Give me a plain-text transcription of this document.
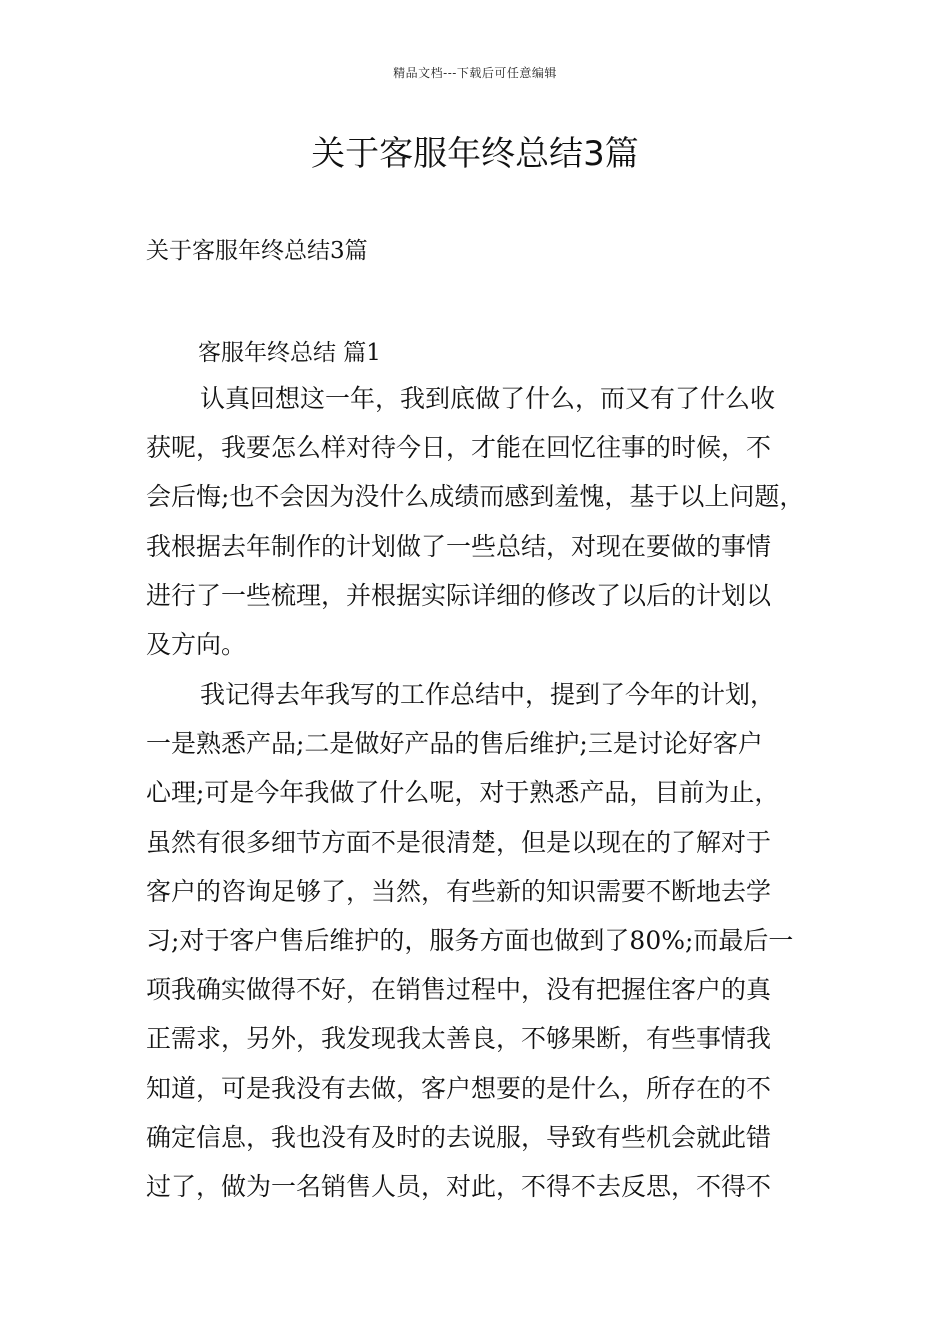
精品文档---下载后可任意编辑
关于客服年终总结3篇

关于客服年终总结3篇

客服年终总结 篇1

认真回想这一年，我到底做了什么，而又有了什么收
获呢，我要怎么样对待今日，才能在回忆往事的时候，不
会后悔;也不会因为没什么成绩而感到羞愧，基于以上问题，
我根据去年制作的计划做了一些总结，对现在要做的事情
进行了一些梳理，并根据实际详细的修改了以后的计划以
及方向。
我记得去年我写的工作总结中，提到了今年的计划，
一是熟悉产品;二是做好产品的售后维护;三是讨论好客户
心理;可是今年我做了什么呢，对于熟悉产品，目前为止，
虽然有很多细节方面不是很清楚，但是以现在的了解对于
客户的咨询足够了，当然，有些新的知识需要不断地去学
习;对于客户售后维护的，服务方面也做到了80%;而最后一
项我确实做得不好，在销售过程中，没有把握住客户的真
正需求，另外，我发现我太善良，不够果断，有些事情我
知道，可是我没有去做，客户想要的是什么，所存在的不
确定信息，我也没有及时的去说服，导致有些机会就此错
过了，做为一名销售人员，对此，不得不去反思，不得不
